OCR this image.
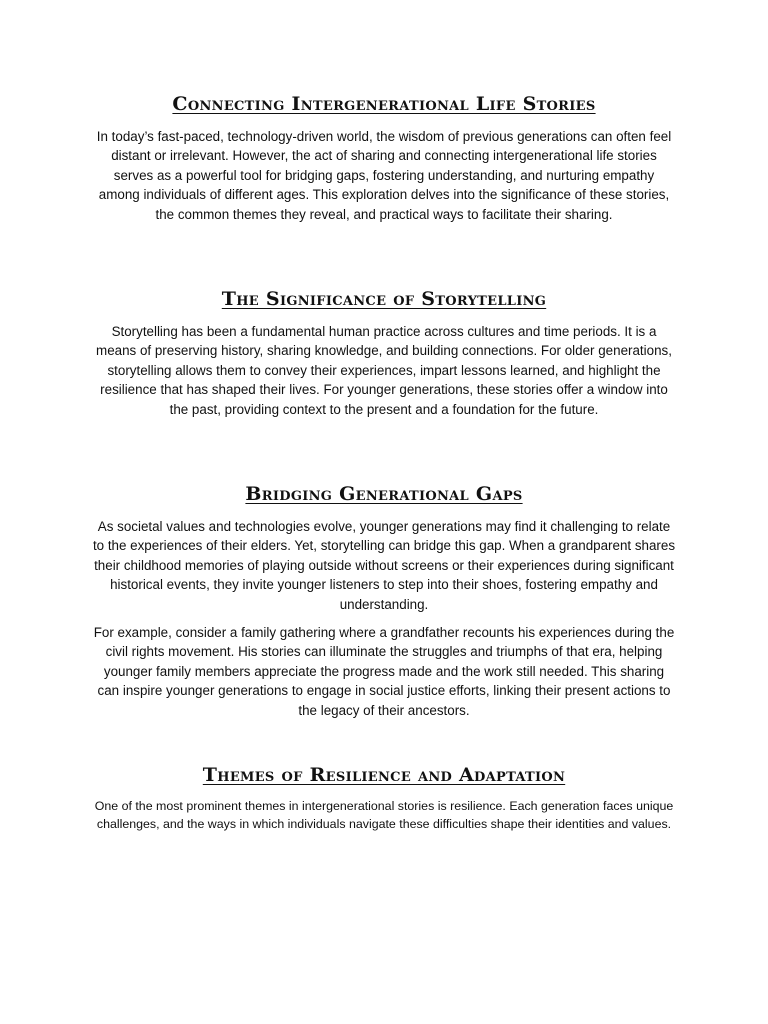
Connecting Intergenerational Life Stories

In today’s fast-paced, technology-driven world, the wisdom of previous generations can often feel distant or irrelevant. However, the act of sharing and connecting intergenerational life stories serves as a powerful tool for bridging gaps, fostering understanding, and nurturing empathy among individuals of different ages. This exploration delves into the significance of these stories, the common themes they reveal, and practical ways to facilitate their sharing.

The Significance of Storytelling

Storytelling has been a fundamental human practice across cultures and time periods. It is a means of preserving history, sharing knowledge, and building connections. For older generations, storytelling allows them to convey their experiences, impart lessons learned, and highlight the resilience that has shaped their lives. For younger generations, these stories offer a window into the past, providing context to the present and a foundation for the future.

Bridging Generational Gaps

As societal values and technologies evolve, younger generations may find it challenging to relate to the experiences of their elders. Yet, storytelling can bridge this gap. When a grandparent shares their childhood memories of playing outside without screens or their experiences during significant historical events, they invite younger listeners to step into their shoes, fostering empathy and understanding.

For example, consider a family gathering where a grandfather recounts his experiences during the civil rights movement. His stories can illuminate the struggles and triumphs of that era, helping younger family members appreciate the progress made and the work still needed. This sharing can inspire younger generations to engage in social justice efforts, linking their present actions to the legacy of their ancestors.

Themes of Resilience and Adaptation

One of the most prominent themes in intergenerational stories is resilience. Each generation faces unique challenges, and the ways in which individuals navigate these difficulties shape their identities and values.
